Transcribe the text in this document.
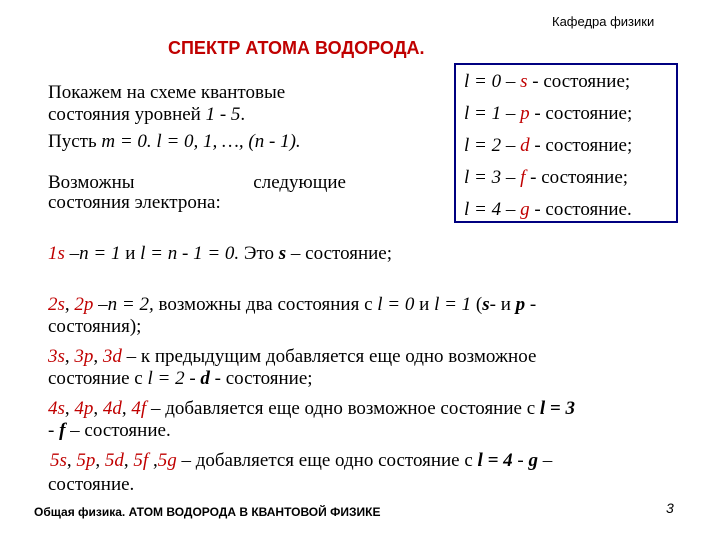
Кафедра физики
СПЕКТР АТОМА ВОДОРОДА.
Покажем на схеме квантовые
состояния уровней 1 - 5.
Пусть m = 0. l = 0, 1, …, (n - 1).
Возможны	следующие
состояния электрона:
l = 0 – s - состояние;
l = 1 – p - состояние;
l = 2 – d - состояние;
l = 3 – f - состояние;
l = 4 – g - состояние.
1s –n = 1 и l = n - 1 = 0. Это s – состояние;
2s, 2p –n = 2, возможны два состояния с l = 0 и l = 1 (s- и p -
состояния);
3s, 3p, 3d – к предыдущим добавляется еще одно возможное
состояние с l = 2 - d - состояние;
4s, 4p, 4d, 4f – добавляется еще одно возможное состояние с l = 3
- f – состояние.
5s, 5p, 5d, 5f ,5g – добавляется еще одно состояние с l = 4 - g –
состояние.
Общая физика. АТОМ ВОДОРОДА В КВАНТОВОЙ ФИЗИКЕ	3
